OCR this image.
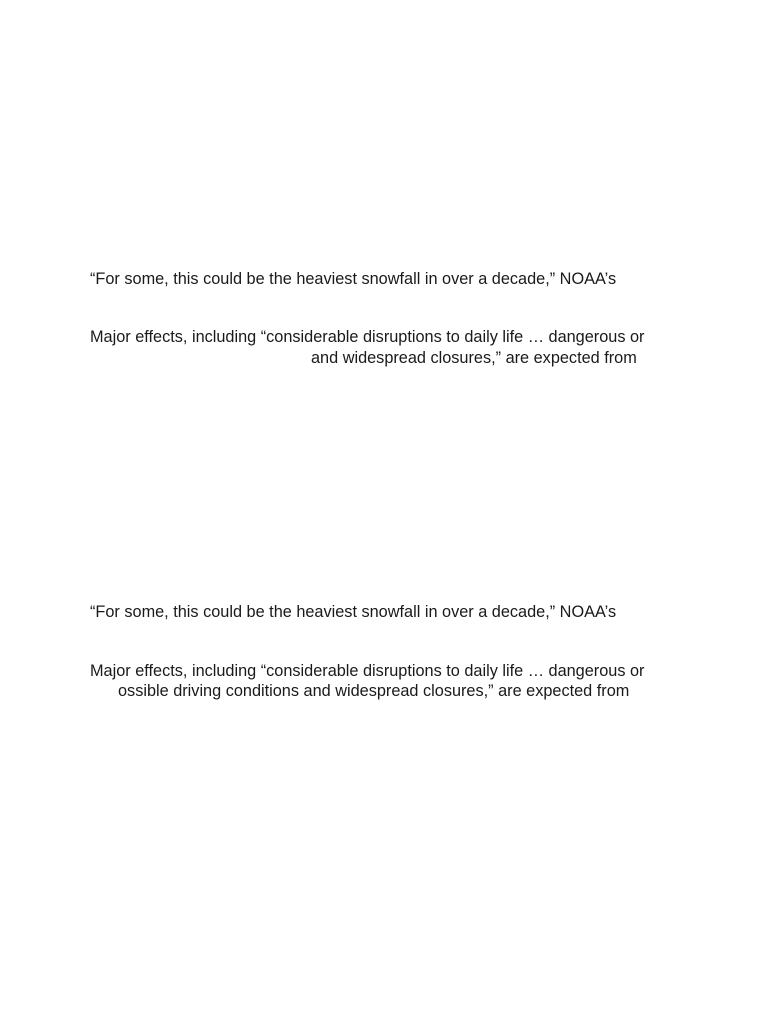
“For some, this could be the heaviest snowfall in over a decade,” NOAA’s

Major effects, including “considerable disruptions to daily life … dangerous or

and widespread closures,” are expected from

“For some, this could be the heaviest snowfall in over a decade,” NOAA’s

Major effects, including “considerable disruptions to daily life … dangerous or

ossible driving conditions and widespread closures,” are expected from
